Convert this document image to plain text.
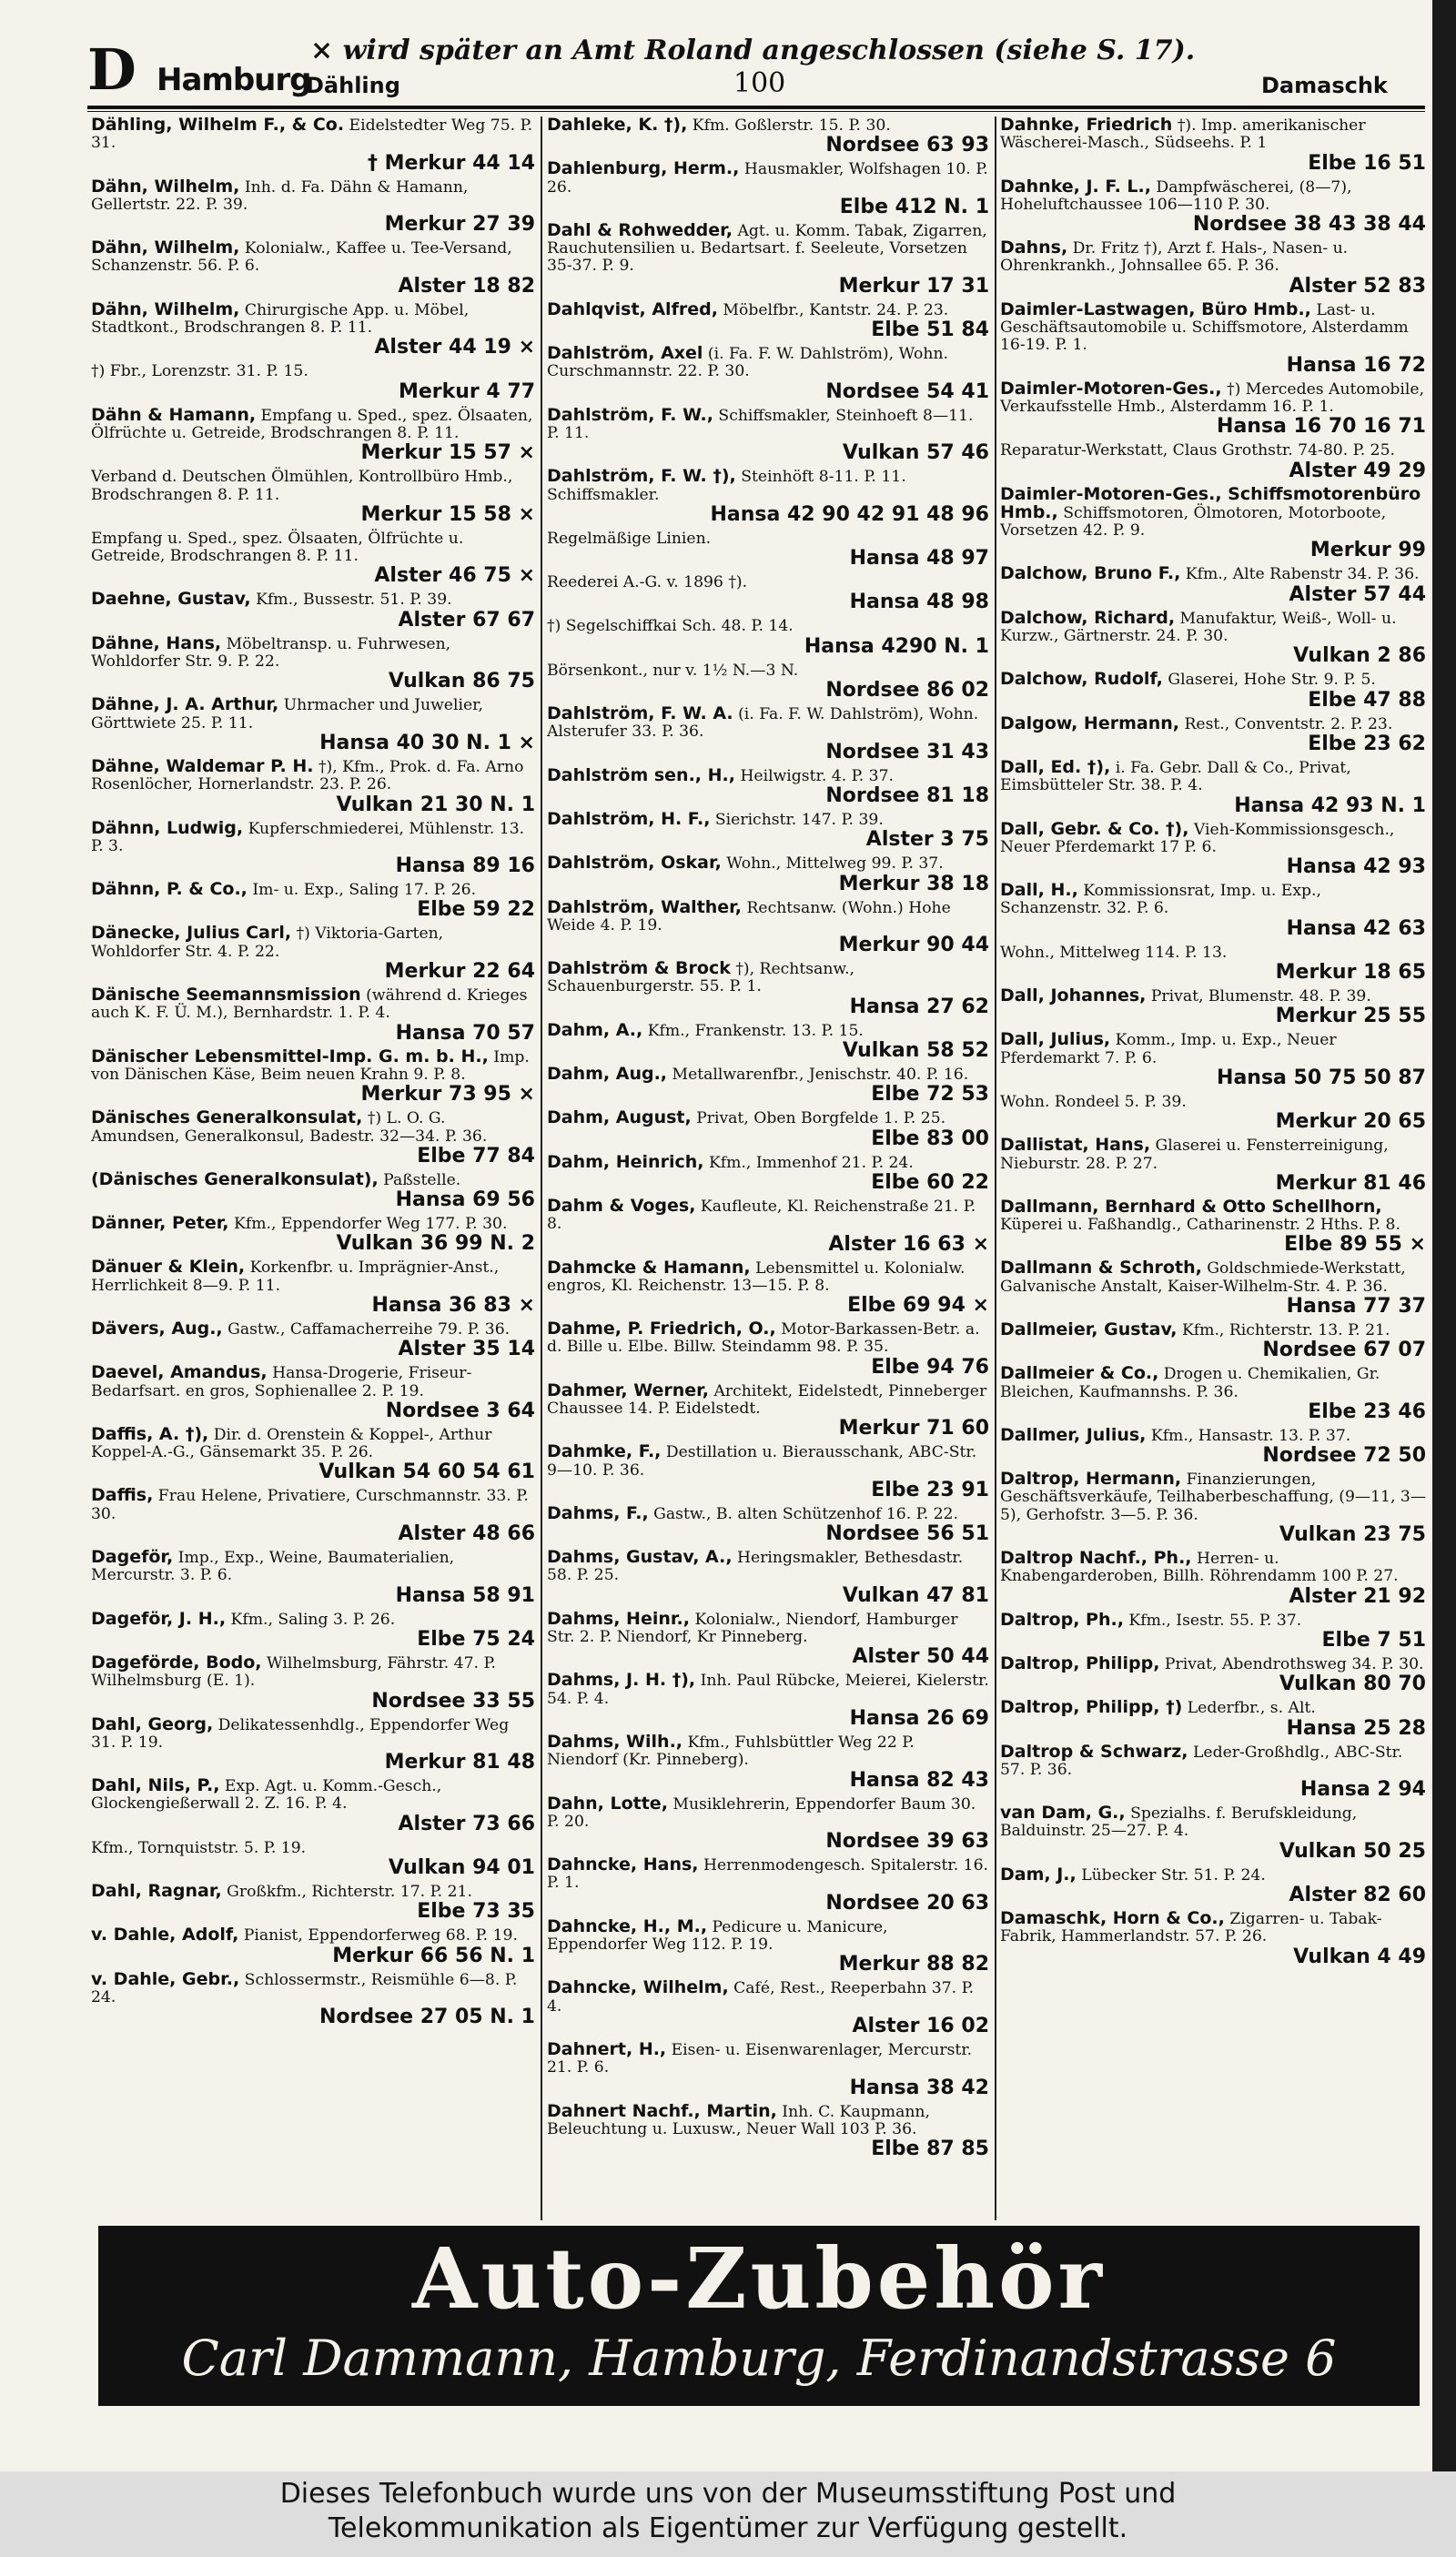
D Hamburg
Dähling
× wird später an Amt Roland angeschlossen (siehe S. 17).
100	Damaschk
Dähling, Wilhelm F., & Co. Eidelstedter Weg 75. P. 31.
† Merkur 44 14
Dähn, Wilhelm, Inh. d. Fa. Dähn & Hamann, Gellertstr. 22. P. 39.
Merkur 27 39
Dähn, Wilhelm, Kolonialw., Kaffee u. Tee-Versand, Schanzenstr. 56. P. 6.
Alster 18 82
Dähn, Wilhelm, Chirurgische App. u. Möbel, Stadtkont., Brodschrangen 8. P. 11.
Alster 44 19 ×
†) Fbr., Lorenzstr. 31. P. 15.
Merkur 4 77
Dähn & Hamann, Empfang u. Sped., spez. Ölsaaten, Ölfrüchte u. Getreide, Brodschrangen 8. P. 11.
Merkur 15 57 ×
Verband d. Deutschen Ölmühlen, Kontrollbüro Hmb., Brodschrangen 8. P. 11.
Merkur 15 58 ×
Empfang u. Sped., spez. Ölsaaten, Ölfrüchte u. Getreide, Brodschrangen 8. P. 11.
Alster 46 75 ×
Daehne, Gustav, Kfm., Bussestr. 51. P. 39.
Alster 67 67
Dähne, Hans, Möbeltransp. u. Fuhrwesen, Wohldorfer Str. 9. P. 22.
Vulkan 86 75
Dähne, J. A. Arthur, Uhrmacher und Juwelier, Görttwiete 25. P. 11.
Hansa 40 30 N. 1 ×
Dähne, Waldemar P. H. †), Kfm., Prok. d. Fa. Arno Rosenlöcher, Hornerlandstr. 23. P. 26.
Vulkan 21 30 N. 1
Dähnn, Ludwig, Kupferschmiederei, Mühlenstr. 13. P. 3.
Hansa 89 16
Dähnn, P. & Co., Im- u. Exp., Saling 17. P. 26.
Elbe 59 22
Dänecke, Julius Carl, †) Viktoria-Garten, Wohldorfer Str. 4. P. 22.
Merkur 22 64
Dänische Seemannsmission (während d. Krieges auch K. F. Ü. M.), Bernhardstr. 1. P. 4.
Hansa 70 57
Dänischer Lebensmittel-Imp. G. m. b. H., Imp. von Dänischen Käse, Beim neuen Krahn 9. P. 8.
Merkur 73 95 ×
Dänisches Generalkonsulat, †) L. O. G. Amundsen, Generalkonsul, Badestr. 32—34. P. 36.
Elbe 77 84
(Dänisches Generalkonsulat), Paßstelle.
Hansa 69 56
Dänner, Peter, Kfm., Eppendorfer Weg 177. P. 30.
Vulkan 36 99 N. 2
Dänuer & Klein, Korkenfbr. u. Imprägnier-Anst., Herrlichkeit 8—9. P. 11.
Hansa 36 83 ×
Dävers, Aug., Gastw., Caffamacherreihe 79. P. 36.
Alster 35 14
Daevel, Amandus, Hansa-Drogerie, Friseur-Bedarfsart. en gros, Sophienallee 2. P. 19.
Nordsee 3 64
Daffis, A. †), Dir. d. Orenstein & Koppel-, Arthur Koppel-A.-G., Gänsemarkt 35. P. 26.
Vulkan 54 60 54 61
Daffis, Frau Helene, Privatiere, Curschmannstr. 33. P. 30.
Alster 48 66
Dageför, Imp., Exp., Weine, Baumaterialien, Mercurstr. 3. P. 6.
Hansa 58 91
Dageför, J. H., Kfm., Saling 3. P. 26.
Elbe 75 24
Dageförde, Bodo, Wilhelmsburg, Fährstr. 47. P. Wilhelmsburg (E. 1).
Nordsee 33 55
Dahl, Georg, Delikatessenhdlg., Eppendorfer Weg 31. P. 19.
Merkur 81 48
Dahl, Nils, P., Exp. Agt. u. Komm.-Gesch., Glockengießerwall 2. Z. 16. P. 4.
Alster 73 66
Kfm., Tornquiststr. 5. P. 19.
Vulkan 94 01
Dahl, Ragnar, Großkfm., Richterstr. 17. P. 21.
Elbe 73 35
v. Dahle, Adolf, Pianist, Eppendorferweg 68. P. 19.
Merkur 66 56 N. 1
v. Dahle, Gebr., Schlossermstr., Reismühle 6—8. P. 24.
Nordsee 27 05 N. 1
Dahleke, K. †), Kfm. Goßlerstr. 15. P. 30.
Nordsee 63 93
Dahlenburg, Herm., Hausmakler, Wolfshagen 10. P. 26.
Elbe 412 N. 1
Dahl & Rohwedder, Agt. u. Komm. Tabak, Zigarren, Rauchutensilien u. Bedartsart. f. Seeleute, Vorsetzen 35-37. P. 9.
Merkur 17 31
Dahlqvist, Alfred, Möbelfbr., Kantstr. 24. P. 23.
Elbe 51 84
Dahlström, Axel (i. Fa. F. W. Dahlström), Wohn. Curschmannstr. 22. P. 30.
Nordsee 54 41
Dahlström, F. W., Schiffsmakler, Steinhoeft 8—11. P. 11.
Vulkan 57 46
Dahlström, F. W. †), Steinhöft 8-11. P. 11. Schiffsmakler.
Hansa 42 90 42 91 48 96
Regelmäßige Linien.
Hansa 48 97
Reederei A.-G. v. 1896 †).
Hansa 48 98
†) Segelschiffkai Sch. 48. P. 14.
Hansa 4290 N. 1
Börsenkont., nur v. 1½ N.—3 N.
Nordsee 86 02
Dahlström, F. W. A. (i. Fa. F. W. Dahlström), Wohn. Alsterufer 33. P. 36.
Nordsee 31 43
Dahlström sen., H., Heilwigstr. 4. P. 37.
Nordsee 81 18
Dahlström, H. F., Sierichstr. 147. P. 39.
Alster 3 75
Dahlström, Oskar, Wohn., Mittelweg 99. P. 37.
Merkur 38 18
Dahlström, Walther, Rechtsanw. (Wohn.) Hohe Weide 4. P. 19.
Merkur 90 44
Dahlström & Brock †), Rechtsanw., Schauenburgerstr. 55. P. 1.
Hansa 27 62
Dahm, A., Kfm., Frankenstr. 13. P. 15.
Vulkan 58 52
Dahm, Aug., Metallwarenfbr., Jenischstr. 40. P. 16.
Elbe 72 53
Dahm, August, Privat, Oben Borgfelde 1. P. 25.
Elbe 83 00
Dahm, Heinrich, Kfm., Immenhof 21. P. 24.
Elbe 60 22
Dahm & Voges, Kaufleute, Kl. Reichenstraße 21. P. 8.
Alster 16 63 ×
Dahmcke & Hamann, Lebensmittel u. Kolonialw. engros, Kl. Reichenstr. 13—15. P. 8.
Elbe 69 94 ×
Dahme, P. Friedrich, O., Motor-Barkassen-Betr. a. d. Bille u. Elbe. Billw. Steindamm 98. P. 35.
Elbe 94 76
Dahmer, Werner, Architekt, Eidelstedt, Pinneberger Chaussee 14. P. Eidelstedt.
Merkur 71 60
Dahmke, F., Destillation u. Bierausschank, ABC-Str. 9—10. P. 36.
Elbe 23 91
Dahms, F., Gastw., B. alten Schützenhof 16. P. 22.
Nordsee 56 51
Dahms, Gustav, A., Heringsmakler, Bethesdastr. 58. P. 25.
Vulkan 47 81
Dahms, Heinr., Kolonialw., Niendorf, Hamburger Str. 2. P. Niendorf, Kr Pinneberg.
Alster 50 44
Dahms, J. H. †), Inh. Paul Rübcke, Meierei, Kielerstr. 54. P. 4.
Hansa 26 69
Dahms, Wilh., Kfm., Fuhlsbüttler Weg 22 P. Niendorf (Kr. Pinneberg).
Hansa 82 43
Dahn, Lotte, Musiklehrerin, Eppendorfer Baum 30. P. 20.
Nordsee 39 63
Dahncke, Hans, Herrenmodengesch. Spitalerstr. 16. P. 1.
Nordsee 20 63
Dahncke, H., M., Pedicure u. Manicure, Eppendorfer Weg 112. P. 19.
Merkur 88 82
Dahncke, Wilhelm, Café, Rest., Reeperbahn 37. P. 4.
Alster 16 02
Dahnert, H., Eisen- u. Eisenwarenlager, Mercurstr. 21. P. 6.
Hansa 38 42
Dahnert Nachf., Martin, Inh. C. Kaupmann, Beleuchtung u. Luxusw., Neuer Wall 103 P. 36.
Elbe 87 85
Dahnke, Friedrich †). Imp. amerikanischer Wäscherei-Masch., Südseehs. P. 1
Elbe 16 51
Dahnke, J. F. L., Dampfwäscherei, (8—7), Hoheluftchaussee 106—110 P. 30.
Nordsee 38 43 38 44
Dahns, Dr. Fritz †), Arzt f. Hals-, Nasen- u. Ohrenkrankh., Johnsallee 65. P. 36.
Alster 52 83
Daimler-Lastwagen, Büro Hmb., Last- u. Geschäftsautomobile u. Schiffsmotore, Alsterdamm 16-19. P. 1.
Hansa 16 72
Daimler-Motoren-Ges., †) Mercedes Automobile, Verkaufsstelle Hmb., Alsterdamm 16. P. 1.
Hansa 16 70 16 71
Reparatur-Werkstatt, Claus Grothstr. 74-80. P. 25.
Alster 49 29
Daimler-Motoren-Ges., Schiffsmotorenbüro Hmb., Schiffsmotoren, Ölmotoren, Motorboote, Vorsetzen 42. P. 9.
Merkur 99
Dalchow, Bruno F., Kfm., Alte Rabenstr 34. P. 36.
Alster 57 44
Dalchow, Richard, Manufaktur, Weiß-, Woll- u. Kurzw., Gärtnerstr. 24. P. 30.
Vulkan 2 86
Dalchow, Rudolf, Glaserei, Hohe Str. 9. P. 5.
Elbe 47 88
Dalgow, Hermann, Rest., Conventstr. 2. P. 23.
Elbe 23 62
Dall, Ed. †), i. Fa. Gebr. Dall & Co., Privat, Eimsbütteler Str. 38. P. 4.
Hansa 42 93 N. 1
Dall, Gebr. & Co. †), Vieh-Kommissionsgesch., Neuer Pferdemarkt 17 P. 6.
Hansa 42 93
Dall, H., Kommissionsrat, Imp. u. Exp., Schanzenstr. 32. P. 6.
Hansa 42 63
Wohn., Mittelweg 114. P. 13.
Merkur 18 65
Dall, Johannes, Privat, Blumenstr. 48. P. 39.
Merkur 25 55
Dall, Julius, Komm., Imp. u. Exp., Neuer Pferdemarkt 7. P. 6.
Hansa 50 75 50 87
Wohn. Rondeel 5. P. 39.
Merkur 20 65
Dallistat, Hans, Glaserei u. Fensterreinigung, Nieburstr. 28. P. 27.
Merkur 81 46
Dallmann, Bernhard & Otto Schellhorn, Küperei u. Faßhandlg., Catharinenstr. 2 Hths. P. 8.
Elbe 89 55 ×
Dallmann & Schroth, Goldschmiede-Werkstatt, Galvanische Anstalt, Kaiser-Wilhelm-Str. 4. P. 36.
Hansa 77 37
Dallmeier, Gustav, Kfm., Richterstr. 13. P. 21.
Nordsee 67 07
Dallmeier & Co., Drogen u. Chemikalien, Gr. Bleichen, Kaufmannshs. P. 36.
Elbe 23 46
Dallmer, Julius, Kfm., Hansastr. 13. P. 37.
Nordsee 72 50
Daltrop, Hermann, Finanzierungen, Geschäftsverkäufe, Teilhaberbeschaffung, (9—11, 3—5), Gerhofstr. 3—5. P. 36.
Vulkan 23 75
Daltrop Nachf., Ph., Herren- u. Knabengarderoben, Billh. Röhrendamm 100 P. 27.
Alster 21 92
Daltrop, Ph., Kfm., Isestr. 55. P. 37.
Elbe 7 51
Daltrop, Philipp, Privat, Abendrothsweg 34. P. 30.
Vulkan 80 70
Daltrop, Philipp, †) Lederfbr., s. Alt.
Hansa 25 28
Daltrop & Schwarz, Leder-Großhdlg., ABC-Str. 57. P. 36.
Hansa 2 94
van Dam, G., Spezialhs. f. Berufskleidung, Balduinstr. 25—27. P. 4.
Vulkan 50 25
Dam, J., Lübecker Str. 51. P. 24.
Alster 82 60
Damaschk, Horn & Co., Zigarren- u. Tabak-Fabrik, Hammerlandstr. 57. P. 26.
Vulkan 4 49
Auto-Zubehör
Carl Dammann, Hamburg, Ferdinandstrasse 6
Dieses Telefonbuch wurde uns von der Museumsstiftung Post und
Telekommunikation als Eigentümer zur Verfügung gestellt.
